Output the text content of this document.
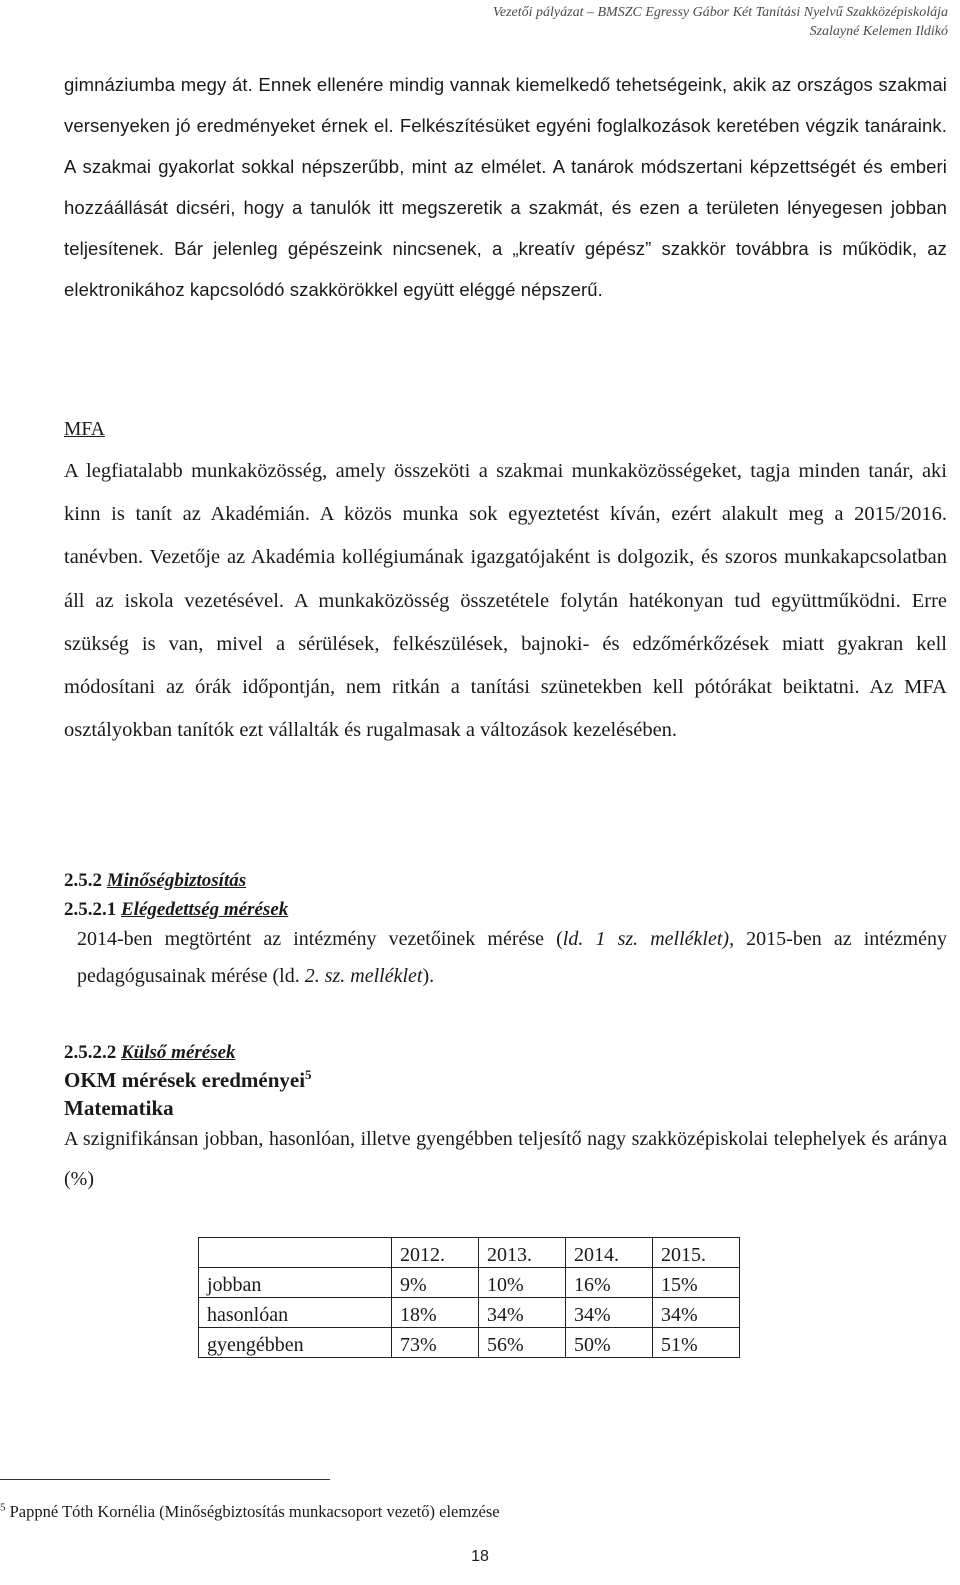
Vezetői pályázat – BMSZC Egressy Gábor Két Tanítási Nyelvű Szakközépiskolája
Szalayné Kelemen Ildikó

gimnáziumba megy át. Ennek ellenére mindig vannak kiemelkedő tehetségeink, akik az országos szakmai versenyeken jó eredményeket érnek el. Felkészítésüket egyéni foglalkozások keretében végzik tanáraink. A szakmai gyakorlat sokkal népszerűbb, mint az elmélet. A tanárok módszertani képzettségét és emberi hozzáállását dicséri, hogy a tanulók itt megszeretik a szakmát, és ezen a területen lényegesen jobban teljesítenek. Bár jelenleg gépészeink nincsenek, a „kreatív gépész” szakkör továbbra is működik, az elektronikához kapcsolódó szakkörökkel együtt eléggé népszerű.

MFA

A legfiatalabb munkaközösség, amely összeköti a szakmai munkaközösségeket, tagja minden tanár, aki kinn is tanít az Akadémián. A közös munka sok egyeztetést kíván, ezért alakult meg a 2015/2016. tanévben. Vezetője az Akadémia kollégiumának igazgatójaként is dolgozik, és szoros munkakapcsolatban áll az iskola vezetésével. A munkaközösség összetétele folytán hatékonyan tud együttműködni. Erre szükség is van, mivel a sérülések, felkészülések, bajnoki- és edzőmérkőzések miatt gyakran kell módosítani az órák időpontján, nem ritkán a tanítási szünetekben kell pótórákat beiktatni. Az MFA osztályokban tanítók ezt vállalták és rugalmasak a változások kezelésében.

2.5.2 Minőségbiztosítás
2.5.2.1 Elégedettség mérések

2014-ben megtörtént az intézmény vezetőinek mérése (ld. 1 sz. melléklet), 2015-ben az intézmény pedagógusainak mérése (ld. 2. sz. melléklet).

2.5.2.2 Külső mérések
OKM mérések eredményei$^5$
Matematika

A szignifikánsan jobban, hasonlóan, illetve gyengébben teljesítő nagy szakközépiskolai telephelyek és aránya (%)

	2012.	2013.	2014.	2015.
jobban	9%	10%	16%	15%
hasonlóan	18%	34%	34%	34%
gyengébben	73%	56%	50%	51%
$^5$ Pappné Tóth Kornélia (Minőségbiztosítás munkacsoport vezető) elemzése
18
